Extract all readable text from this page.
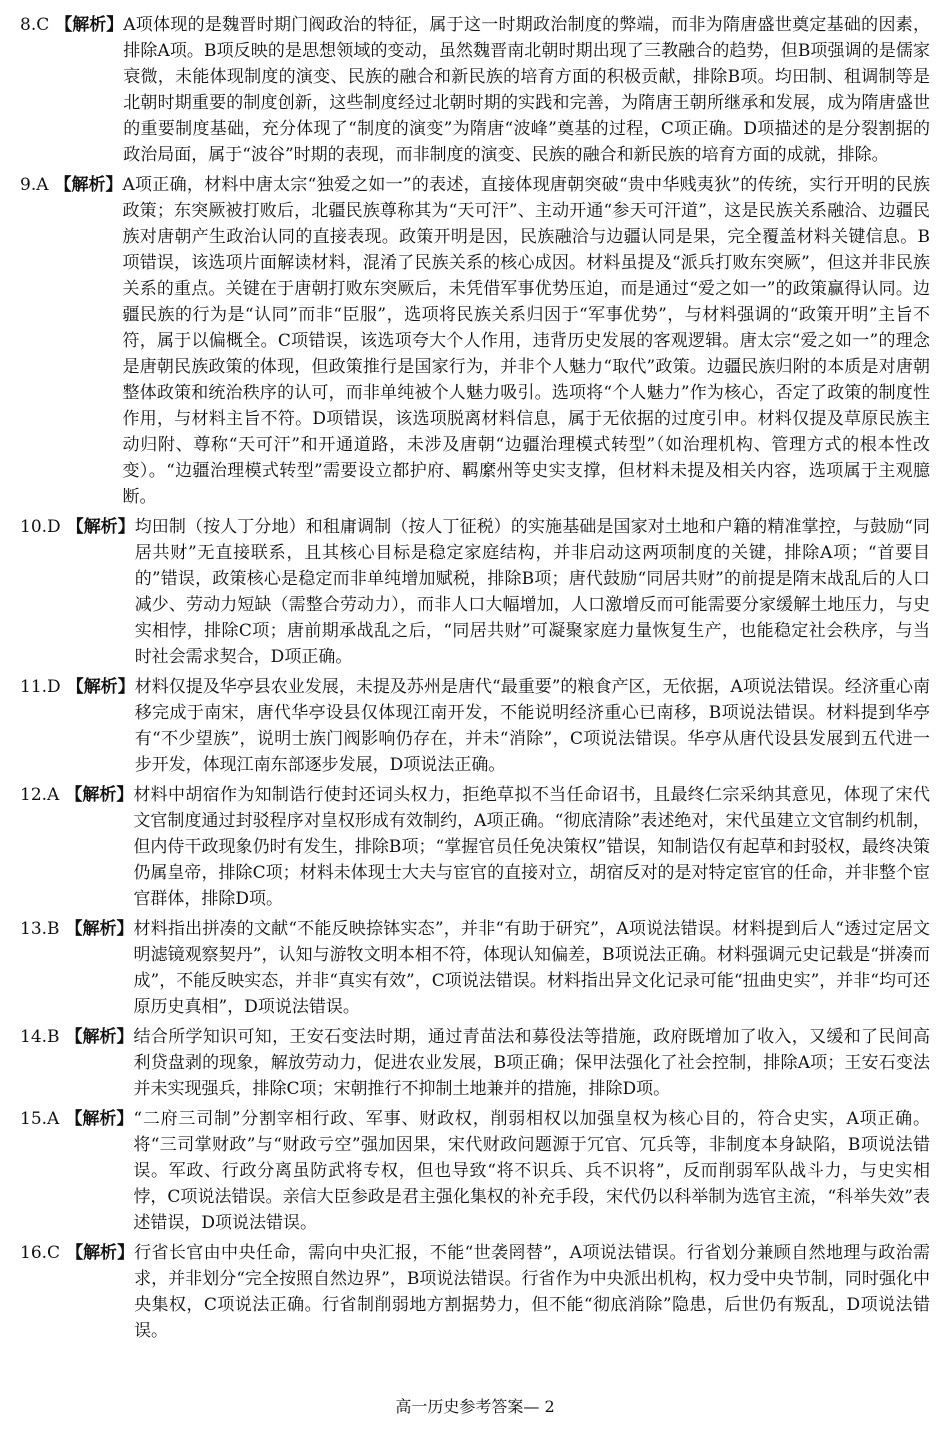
8.C 【解析】 A项体现的是魏晋时期门阀政治的特征，属于这一时期政治制度的弊端，而非为隋唐盛世奠定基础的因素，排除A项。B项反映的是思想领域的变动，虽然魏晋南北朝时期出现了三教融合的趋势，但B项强调的是儒家衰微，未能体现制度的演变、民族的融合和新民族的培育方面的积极贡献，排除B项。均田制、租调制等是北朝时期重要的制度创新，这些制度经过北朝时期的实践和完善，为隋唐王朝所继承和发展，成为隋唐盛世的重要制度基础，充分体现了“制度的演变”为隋唐“波峰”奠基的过程，C项正确。D项描述的是分裂割据的政治局面，属于“波谷”时期的表现，而非制度的演变、民族的融合和新民族的培育方面的成就，排除。
9.A 【解析】 A项正确，材料中唐太宗“独爱之如一”的表述，直接体现唐朝突破“贵中华贱夷狄”的传统，实行开明的民族政策；东突厥被打败后，北疆民族尊称其为“天可汗”、主动开通“参天可汗道”，这是民族关系融洽、边疆民族对唐朝产生政治认同的直接表现。政策开明是因，民族融洽与边疆认同是果，完全覆盖材料关键信息。B项错误，该选项片面解读材料，混淆了民族关系的核心成因。材料虽提及“派兵打败东突厥”，但这并非民族关系的重点。关键在于唐朝打败东突厥后，未凭借军事优势压迫，而是通过“爱之如一”的政策赢得认同。边疆民族的行为是“认同”而非“臣服”，选项将民族关系归因于“军事优势”，与材料强调的“政策开明”主旨不符，属于以偏概全。C项错误，该选项夸大个人作用，违背历史发展的客观逻辑。唐太宗“爱之如一”的理念是唐朝民族政策的体现，但政策推行是国家行为，并非个人魅力“取代”政策。边疆民族归附的本质是对唐朝整体政策和统治秩序的认可，而非单纯被个人魅力吸引。选项将“个人魅力”作为核心，否定了政策的制度性作用，与材料主旨不符。D项错误，该选项脱离材料信息，属于无依据的过度引申。材料仅提及草原民族主动归附、尊称“天可汗”和开通道路，未涉及唐朝“边疆治理模式转型”（如治理机构、管理方式的根本性改变）。“边疆治理模式转型”需要设立都护府、羁縻州等史实支撑，但材料未提及相关内容，选项属于主观臆断。
10.D 【解析】 均田制（按人丁分地）和租庸调制（按人丁征税）的实施基础是国家对土地和户籍的精准掌控，与鼓励“同居共财”无直接联系，且其核心目标是稳定家庭结构，并非启动这两项制度的关键，排除A项；“首要目的”错误，政策核心是稳定而非单纯增加赋税，排除B项；唐代鼓励“同居共财”的前提是隋末战乱后的人口减少、劳动力短缺（需整合劳动力），而非人口大幅增加，人口激增反而可能需要分家缓解土地压力，与史实相悖，排除C项；唐前期承战乱之后，“同居共财”可凝聚家庭力量恢复生产，也能稳定社会秩序，与当时社会需求契合，D项正确。
11.D 【解析】 材料仅提及华亭县农业发展，未提及苏州是唐代“最重要”的粮食产区，无依据，A项说法错误。经济重心南移完成于南宋，唐代华亭设县仅体现江南开发，不能说明经济重心已南移，B项说法错误。材料提到华亭有“不少望族”，说明士族门阀影响仍存在，并未“消除”，C项说法错误。华亭从唐代设县发展到五代进一步开发，体现江南东部逐步发展，D项说法正确。
12.A 【解析】 材料中胡宿作为知制诰行使封还词头权力，拒绝草拟不当任命诏书，且最终仁宗采纳其意见，体现了宋代文官制度通过封驳程序对皇权形成有效制约，A项正确。“彻底清除”表述绝对，宋代虽建立文官制约机制，但内侍干政现象仍时有发生，排除B项；“掌握官员任免决策权”错误，知制诰仅有起草和封驳权，最终决策仍属皇帝，排除C项；材料未体现士大夫与宦官的直接对立，胡宿反对的是对特定宦官的任命，并非整个宦官群体，排除D项。
13.B 【解析】 材料指出拼凑的文献“不能反映捺钵实态”，并非“有助于研究”，A项说法错误。材料提到后人“透过定居文明滤镜观察契丹”，认知与游牧文明本相不符，体现认知偏差，B项说法正确。材料强调元史记载是“拼凑而成”，不能反映实态，并非“真实有效”，C项说法错误。材料指出异文化记录可能“扭曲史实”，并非“均可还原历史真相”，D项说法错误。
14.B 【解析】 结合所学知识可知，王安石变法时期，通过青苗法和募役法等措施，政府既增加了收入，又缓和了民间高利贷盘剥的现象，解放劳动力，促进农业发展，B项正确；保甲法强化了社会控制，排除A项；王安石变法并未实现强兵，排除C项；宋朝推行不抑制土地兼并的措施，排除D项。
15.A 【解析】 “二府三司制”分割宰相行政、军事、财政权，削弱相权以加强皇权为核心目的，符合史实，A项正确。将“三司掌财政”与“财政亏空”强加因果，宋代财政问题源于冗官、冗兵等，非制度本身缺陷，B项说法错误。军政、行政分离虽防武将专权，但也导致“将不识兵、兵不识将”，反而削弱军队战斗力，与史实相悖，C项说法错误。亲信大臣参政是君主强化集权的补充手段，宋代仍以科举制为选官主流，“科举失效”表述错误，D项说法错误。
16.C 【解析】 行省长官由中央任命，需向中央汇报，不能“世袭罔替”，A项说法错误。行省划分兼顾自然地理与政治需求，并非划分“完全按照自然边界”，B项说法错误。行省作为中央派出机构，权力受中央节制，同时强化中央集权，C项说法正确。行省制削弱地方割据势力，但不能“彻底消除”隐患，后世仍有叛乱，D项说法错误。
高一历史参考答案— 2
